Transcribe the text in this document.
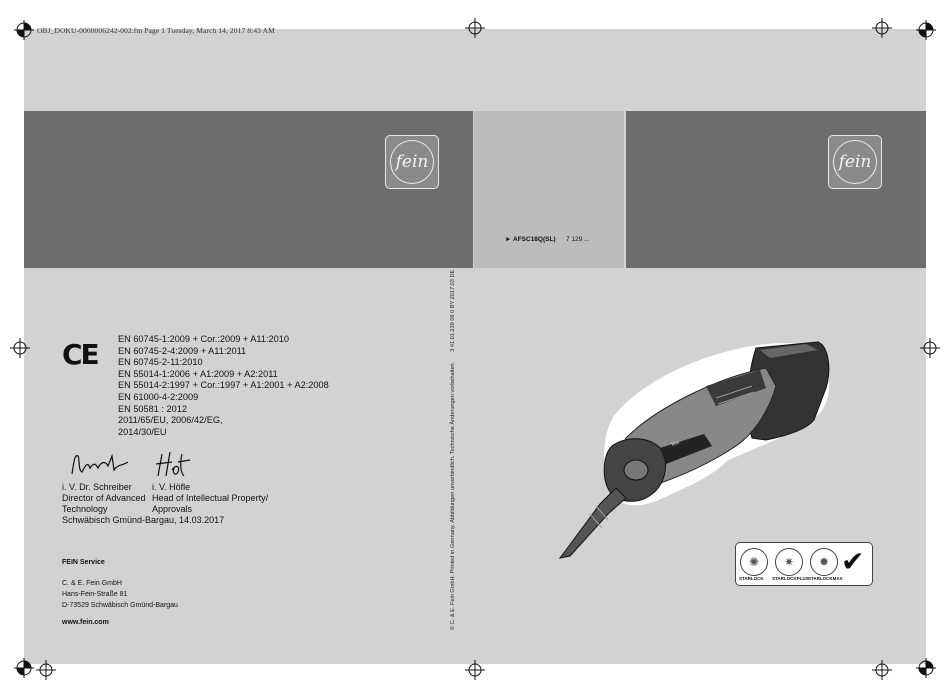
OBJ_DOKU-0000006242-002.fm Page 1 Tuesday, March 14, 2017 8:43 AM
fein	fein
► AFSC18Q(SL) 7 129 ...
CE EN 60745-1:2009 + Cor.:2009 + A11:2010
EN 60745-2-4:2009 + A11:2011
EN 60745-2-11:2010
EN 55014-1:2006 + A1:2009 + A2:2011
EN 55014-2:1997 + Cor.:1997 + A1:2001 + A2:2008
EN 61000-4-2:2009
EN 50581 : 2012
2011/65/EU, 2006/42/EG,
2014/30/EU
i. V. Dr. Schreiber
Director of Advanced
Technology
i. V. Höfle
Head of Intellectual Property/
Approvals
Schwäbisch Gmünd-Bargau, 14.03.2017
FEIN Service
C. & E. Fein GmbH
Hans-Fein-Straße 81
D-73529 Schwäbisch Gmünd-Bargau
www.fein.com	© C. & E. Fein GmbH. Printed in Germany. Abbildungen unverbindlich. Technische Änderungen vorbehalten.3 41 01 239 06 0 BY 2017.03 DE
fein
✺	✷	✹
STARLOCK STARLOCKPLUS STARLOCKMAX
✔
